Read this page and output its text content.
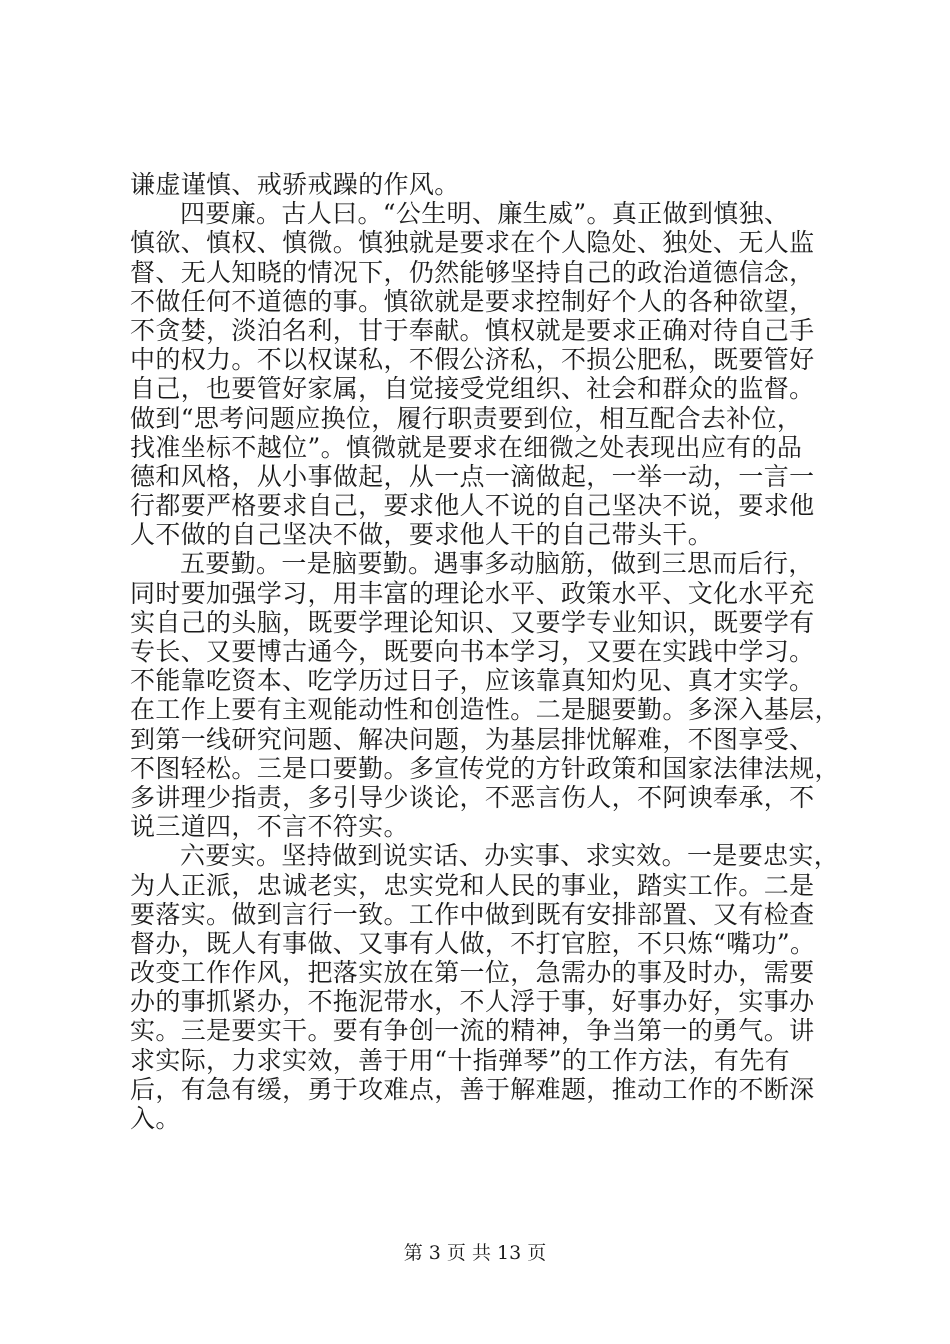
谦虚谨慎、戒骄戒躁的作风。
四要廉。古人曰。“公生明、廉生威”。真正做到慎独、
慎欲、慎权、慎微。慎独就是要求在个人隐处、独处、无人监
督、无人知晓的情况下，仍然能够坚持自己的政治道德信念，
不做任何不道德的事。慎欲就是要求控制好个人的各种欲望，
不贪婪，淡泊名利，甘于奉献。慎权就是要求正确对待自己手
中的权力。不以权谋私，不假公济私，不损公肥私，既要管好
自己，也要管好家属，自觉接受党组织、社会和群众的监督。
做到“思考问题应换位，履行职责要到位，相互配合去补位，
找准坐标不越位”。慎微就是要求在细微之处表现出应有的品
德和风格，从小事做起，从一点一滴做起，一举一动，一言一
行都要严格要求自己，要求他人不说的自己坚决不说，要求他
人不做的自己坚决不做，要求他人干的自己带头干。
五要勤。一是脑要勤。遇事多动脑筋，做到三思而后行，
同时要加强学习，用丰富的理论水平、政策水平、文化水平充
实自己的头脑，既要学理论知识、又要学专业知识，既要学有
专长、又要博古通今，既要向书本学习，又要在实践中学习。
不能靠吃资本、吃学历过日子，应该靠真知灼见、真才实学。
在工作上要有主观能动性和创造性。二是腿要勤。多深入基层，
到第一线研究问题、解决问题，为基层排忧解难，不图享受、
不图轻松。三是口要勤。多宣传党的方针政策和国家法律法规，
多讲理少指责，多引导少谈论，不恶言伤人，不阿谀奉承，不
说三道四，不言不符实。
六要实。坚持做到说实话、办实事、求实效。一是要忠实，
为人正派，忠诚老实，忠实党和人民的事业，踏实工作。二是
要落实。做到言行一致。工作中做到既有安排部置、又有检查
督办，既人有事做、又事有人做，不打官腔，不只炼“嘴功”。
改变工作作风，把落实放在第一位，急需办的事及时办，需要
办的事抓紧办，不拖泥带水，不人浮于事，好事办好，实事办
实。三是要实干。要有争创一流的精神，争当第一的勇气。讲
求实际，力求实效，善于用“十指弹琴”的工作方法，有先有
后，有急有缓，勇于攻难点，善于解难题，推动工作的不断深
入。
第 3 页 共 13 页
